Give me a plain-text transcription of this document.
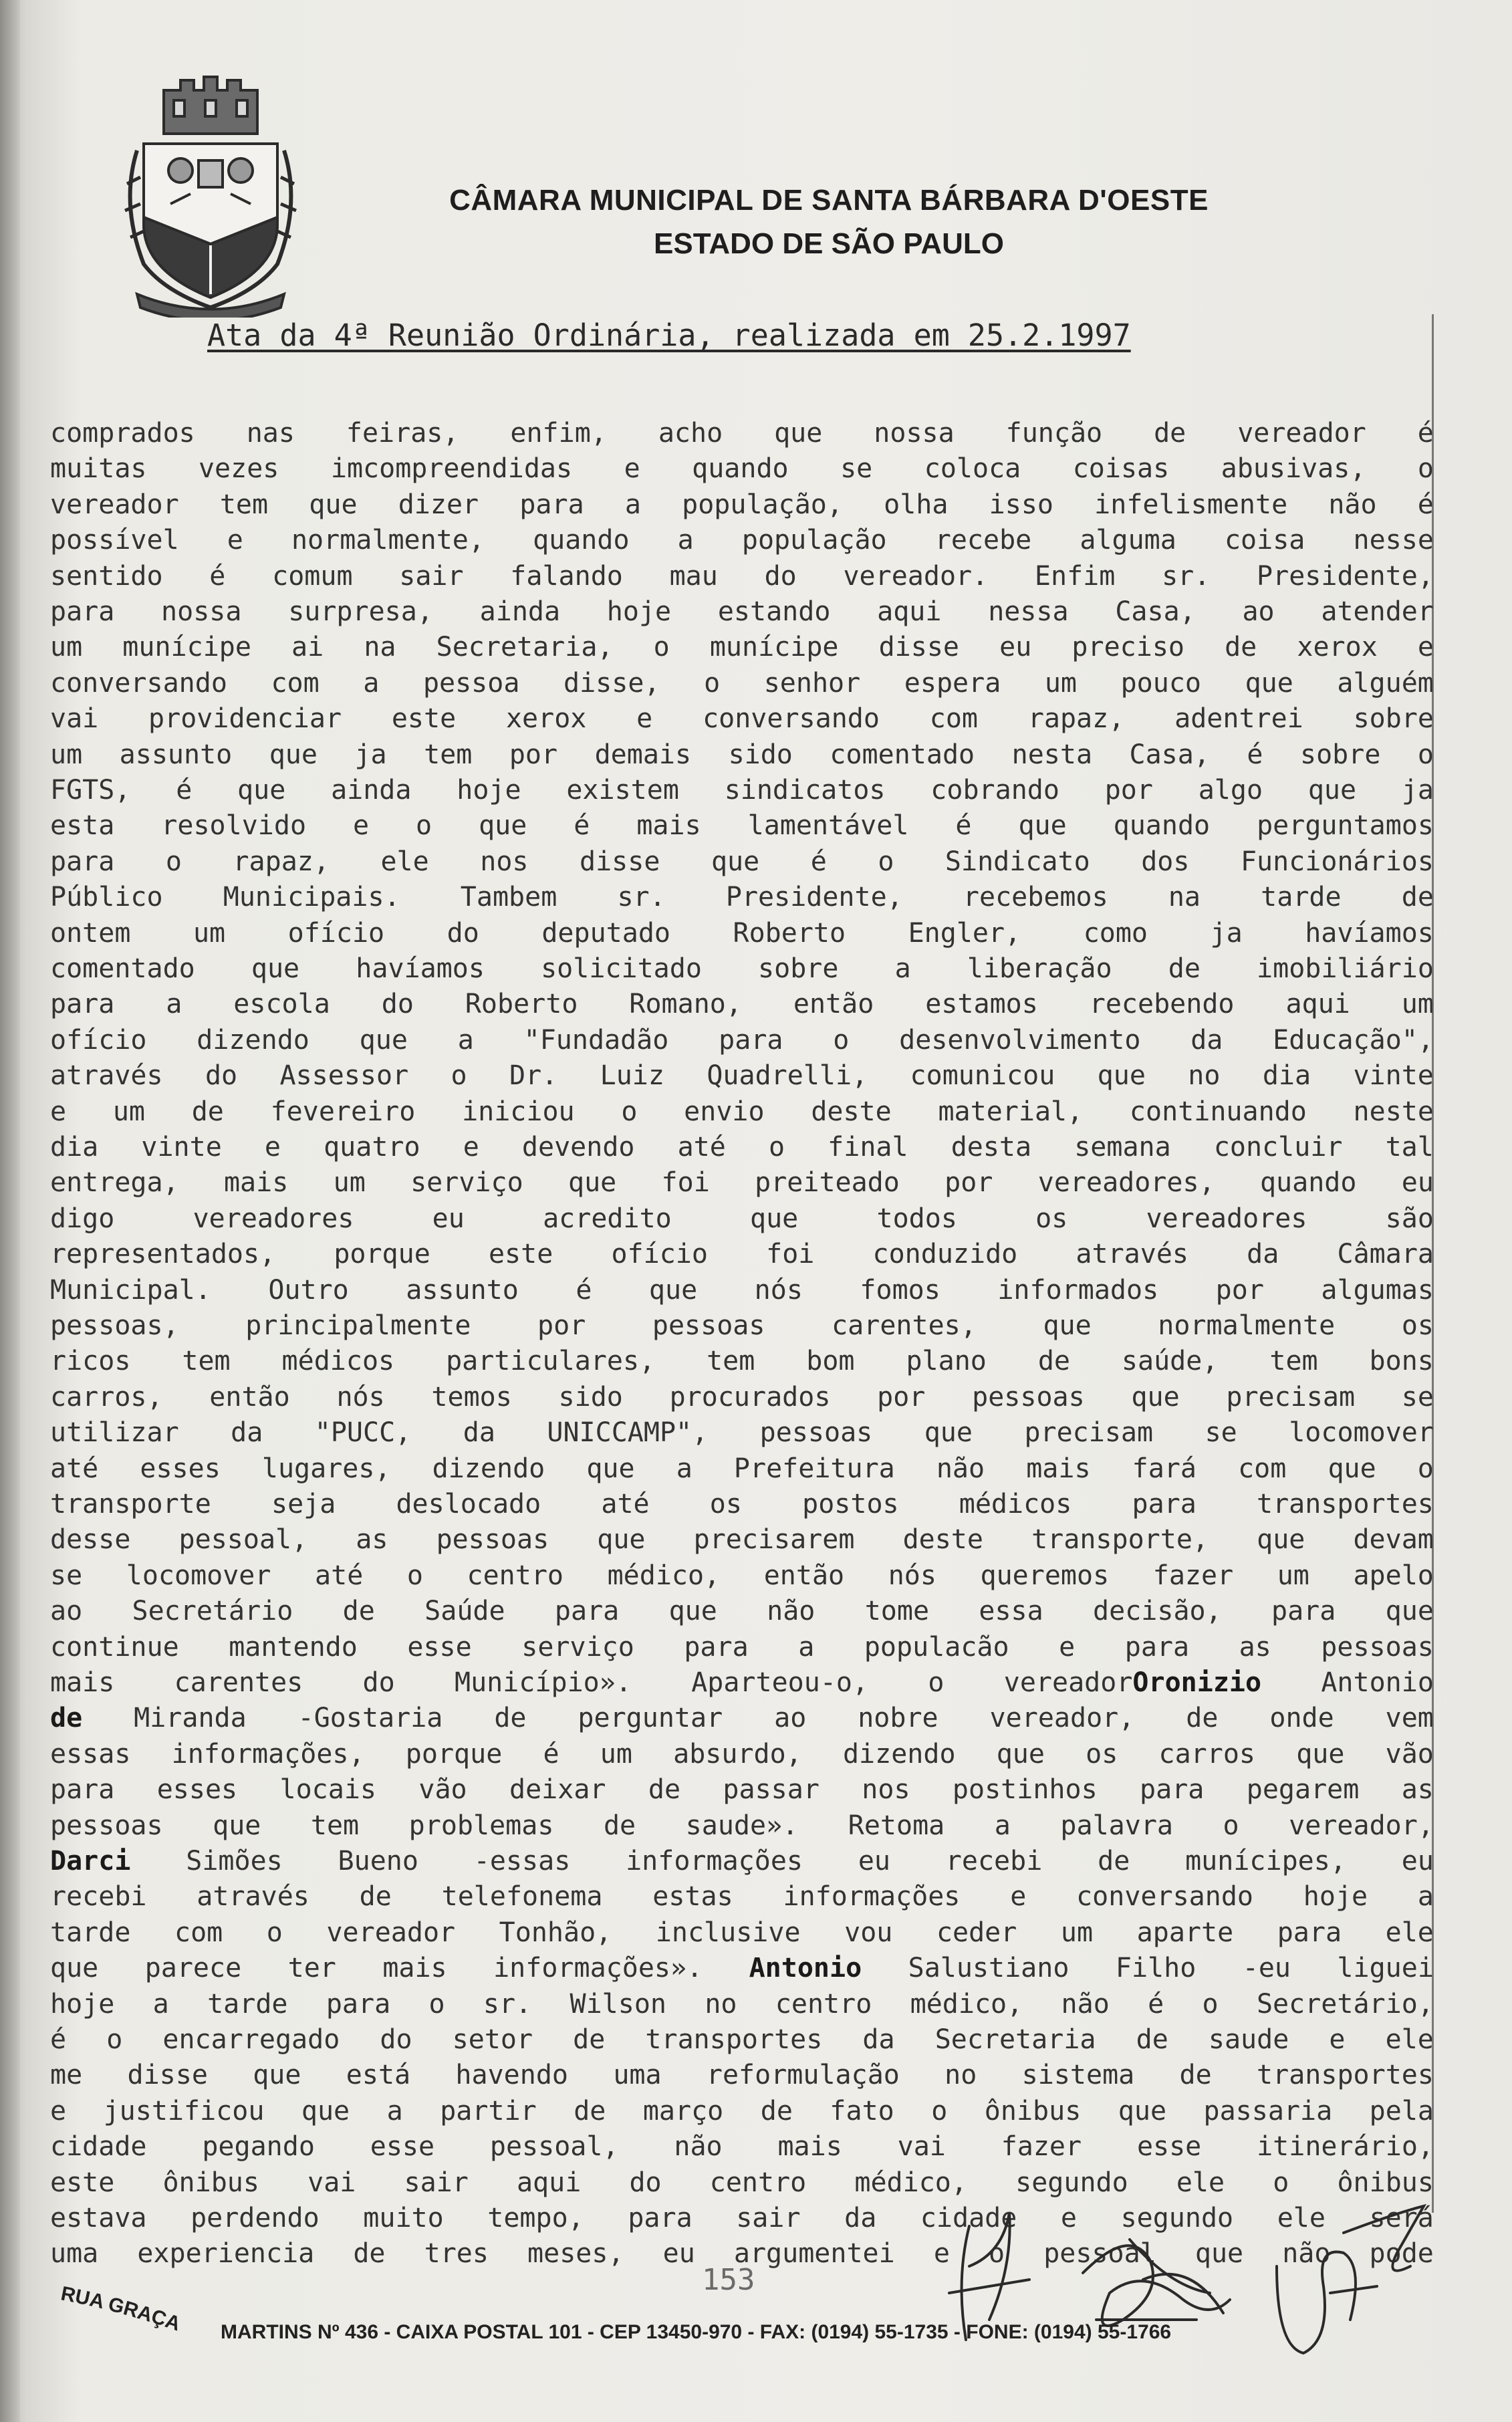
CÂMARA MUNICIPAL DE SANTA BÁRBARA D'OESTE
ESTADO DE SÃO PAULO
Ata da 4ª Reunião Ordinária, realizada em 25.2.1997
comprados nas feiras, enfim, acho que nossa função de vereador é
muitas vezes imcompreendidas e quando se coloca coisas abusivas, o
vereador tem que dizer para a população, olha isso infelismente não é
possível e normalmente, quando a população recebe alguma coisa nesse
sentido é comum sair falando mau do vereador. Enfim sr. Presidente,
para nossa surpresa, ainda hoje estando aqui nessa Casa, ao atender
um munícipe ai na Secretaria, o munícipe disse eu preciso de xerox e
conversando com a pessoa disse, o senhor espera um pouco que alguém
vai providenciar este xerox e conversando com rapaz, adentrei sobre
um assunto que ja tem por demais sido comentado nesta Casa, é sobre o
FGTS, é que ainda hoje existem sindicatos cobrando por algo que ja
esta resolvido e o que é mais lamentável é que quando perguntamos
para o rapaz, ele nos disse que é o Sindicato dos Funcionários
Público Municipais. Tambem sr. Presidente, recebemos na tarde de
ontem um ofício do deputado Roberto Engler, como ja havíamos
comentado que havíamos solicitado sobre a liberação de imobiliário
para a escola do Roberto Romano, então estamos recebendo aqui um
ofício dizendo que a "Fundadão para o desenvolvimento da Educação",
através do Assessor o Dr. Luiz Quadrelli, comunicou que no dia vinte
e um de fevereiro iniciou o envio deste material, continuando neste
dia vinte e quatro e devendo até o final desta semana concluir tal
entrega, mais um serviço que foi preiteado por vereadores, quando eu
digo	vereadores	eu	acredito	que	todos	os	vereadores	são
representados, porque este ofício foi conduzido através da Câmara
Municipal. Outro assunto é que nós fomos informados por algumas
pessoas, principalmente por pessoas carentes, que normalmente os
ricos tem médicos particulares, tem bom plano de saúde, tem bons
carros, então nós temos sido procurados por pessoas que precisam se
utilizar da "PUCC, da UNICCAMP", pessoas que precisam se locomover
até esses lugares, dizendo que a Prefeitura não mais fará com que o
transporte seja deslocado até os postos médicos para transportes
desse pessoal, as pessoas que precisarem deste transporte, que devam
se locomover até o centro médico, então nós queremos fazer um apelo
ao Secretário de Saúde para que não tome essa decisão, para que
continue mantendo esse serviço para a populacão e para as pessoas
mais carentes do Município». Aparteou-o, o vereadorOronizio Antonio
de Miranda -Gostaria de perguntar ao nobre vereador, de onde vem
essas informações, porque é um absurdo, dizendo que os carros que vão
para esses locais vão deixar de passar nos postinhos para pegarem as
pessoas que tem problemas de saude». Retoma a palavra o vereador,
Darci Simões Bueno -essas informações eu recebi de munícipes, eu
recebi através de telefonema estas informações e conversando hoje a
tarde com o vereador Tonhão, inclusive vou ceder um aparte para ele
que parece ter mais informações». Antonio Salustiano Filho -eu liguei
hoje a tarde para o sr. Wilson no centro médico, não é o Secretário,
é o encarregado do setor de transportes da Secretaria de saude e ele
me disse que está havendo uma reformulação no sistema de transportes
e justificou que a partir de março de fato o ônibus que passaria pela
cidade pegando esse pessoal, não mais vai fazer esse itinerário,
este ônibus vai sair aqui do centro médico, segundo ele o ônibus
estava perdendo muito tempo, para sair da cidade e segundo ele será
uma experiencia de tres meses, eu argumentei e o pessoal que não pode
153
RUA GRAÇA MARTINS Nº 436 - CAIXA POSTAL 101 - CEP 13450-970 - FAX: (0194) 55-1735 - FONE: (0194) 55-1766
